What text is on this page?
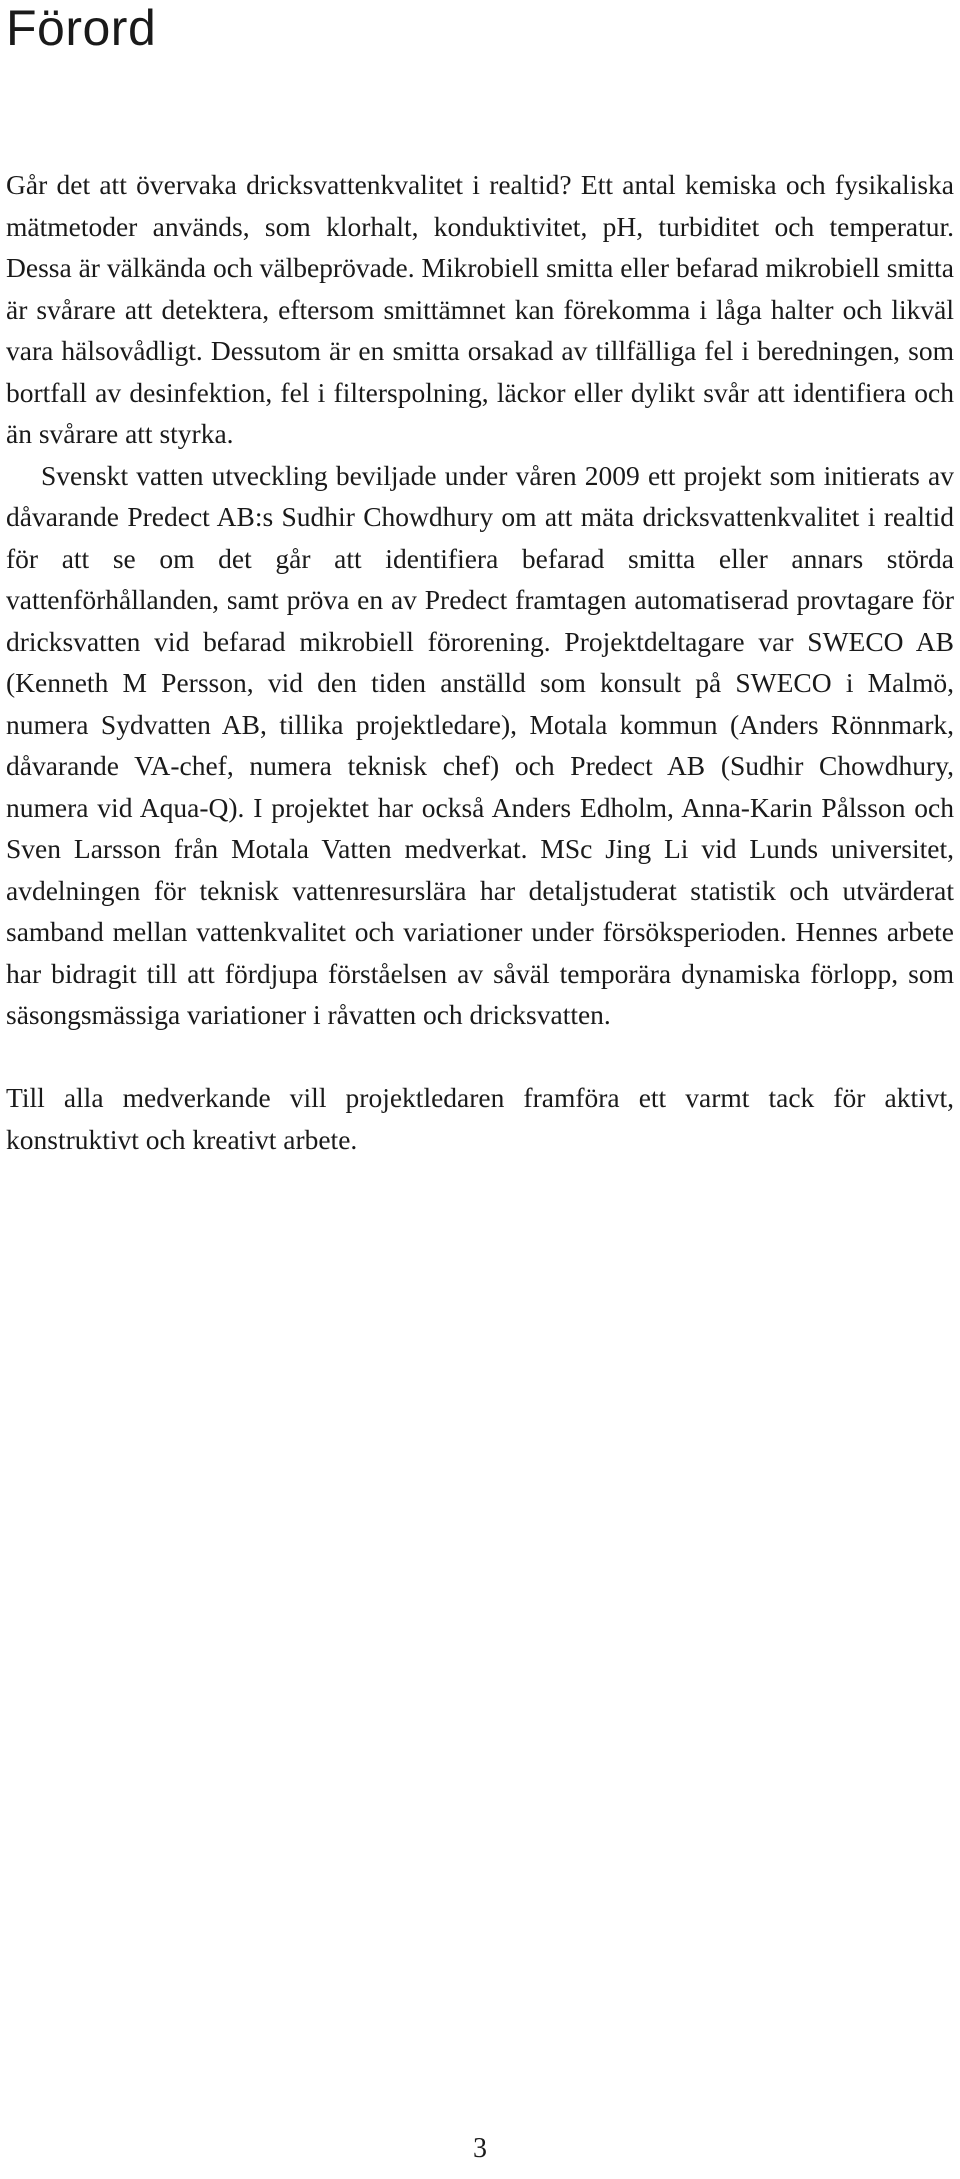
Förord

Går det att övervaka dricksvattenkvalitet i realtid? Ett antal kemiska och fysikaliska mätmetoder används, som klorhalt, konduktivitet, pH, turbiditet och temperatur. Dessa är välkända och välbeprövade. Mikrobiell smitta eller befarad mikrobiell smitta är svårare att detektera, eftersom smittämnet kan förekomma i låga halter och likväl vara hälsovådligt. Dessutom är en smitta orsakad av tillfälliga fel i beredningen, som bortfall av desinfektion, fel i filterspolning, läckor eller dylikt svår att identifiera och än svårare att styrka.

Svenskt vatten utveckling beviljade under våren 2009 ett projekt som initierats av dåvarande Predect AB:s Sudhir Chowdhury om att mäta dricksvattenkvalitet i realtid för att se om det går att identifiera befarad smitta eller annars störda vattenförhållanden, samt pröva en av Predect framtagen automatiserad provtagare för dricksvatten vid befarad mikrobiell förorening. Projektdeltagare var SWECO AB (Kenneth M Persson, vid den tiden anställd som konsult på SWECO i Malmö, numera Sydvatten AB, tillika projektledare), Motala kommun (Anders Rönnmark, dåvarande VA-chef, numera teknisk chef) och Predect AB (Sudhir Chowdhury, numera vid Aqua-Q). I projektet har också Anders Edholm, Anna-Karin Pålsson och Sven Larsson från Motala Vatten medverkat. MSc Jing Li vid Lunds universitet, avdelningen för teknisk vattenresurslära har detaljstuderat statistik och utvärderat samband mellan vattenkvalitet och variationer under försöksperioden. Hennes arbete har bidragit till att fördjupa förståelsen av såväl temporära dynamiska förlopp, som säsongsmässiga variationer i råvatten och dricksvatten.

Till alla medverkande vill projektledaren framföra ett varmt tack för aktivt, konstruktivt och kreativt arbete.

3
